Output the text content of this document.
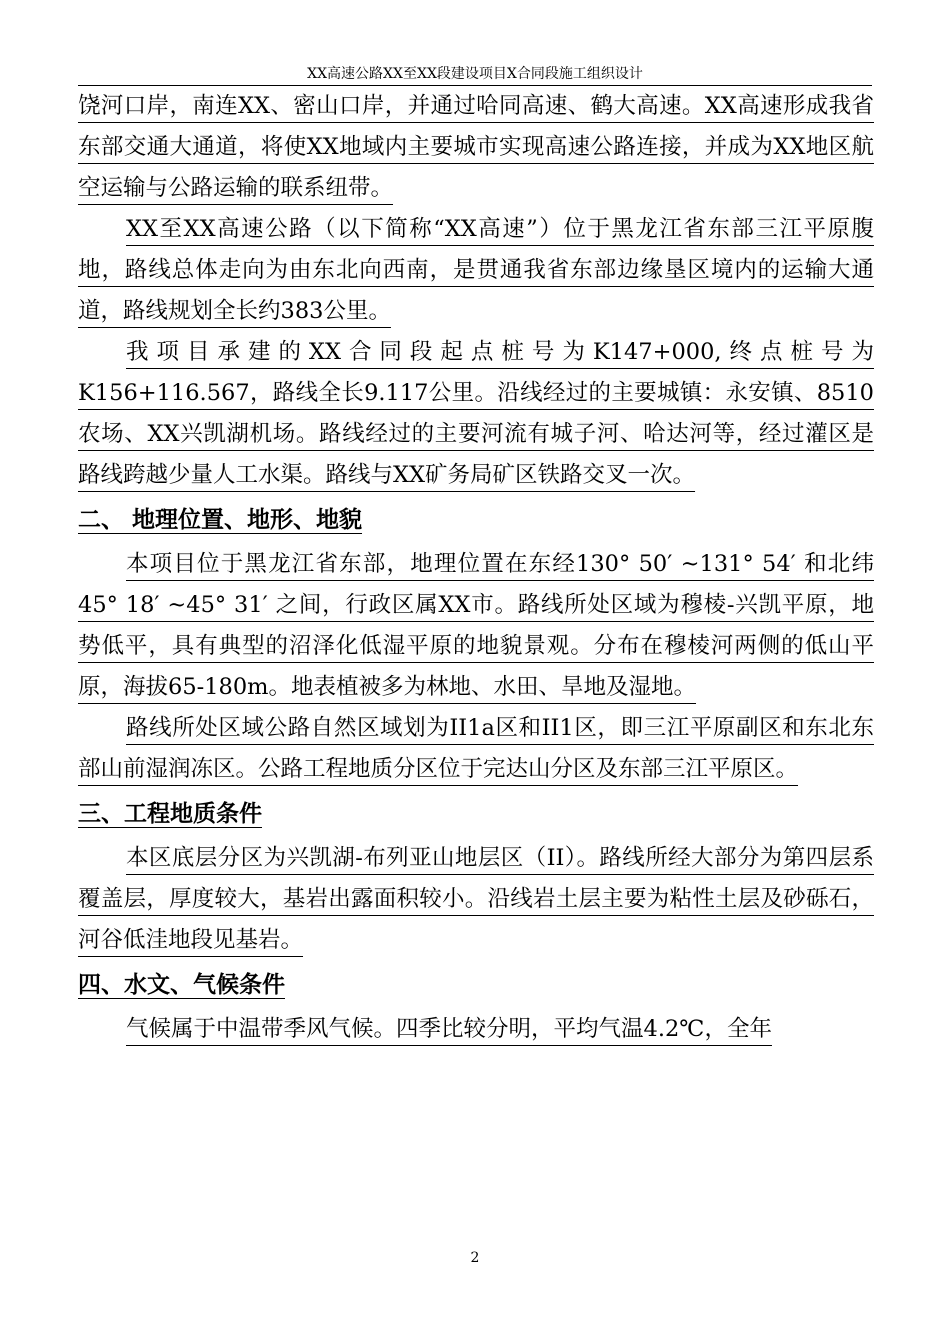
XX高速公路XX至XX段建设项目X合同段施工组织设计

饶河口岸，南连XX、密山口岸，并通过哈同高速、鹤大高速。XX高速形成我省东部交通大通道，将使XX地域内主要城市实现高速公路连接，并成为XX地区航空运输与公路运输的联系纽带。

XX至XX高速公路（以下简称“XX高速”）位于黑龙江省东部三江平原腹地，路线总体走向为由东北向西南，是贯通我省东部边缘垦区境内的运输大通道，路线规划全长约383公里。

我项目承建的XX合同段起点桩号为K147+000,终点桩号为K156+116.567，路线全长9.117公里。沿线经过的主要城镇：永安镇、8510农场、XX兴凯湖机场。路线经过的主要河流有城子河、哈达河等，经过灌区是路线跨越少量人工水渠。路线与XX矿务局矿区铁路交叉一次。

二、 地理位置、地形、地貌

本项目位于黑龙江省东部，地理位置在东经130° 50′ ~131° 54′ 和北纬45° 18′ ~45° 31′ 之间，行政区属XX市。路线所处区域为穆棱-兴凯平原，地势低平，具有典型的沼泽化低湿平原的地貌景观。分布在穆棱河两侧的低山平原，海拔65-180m。地表植被多为林地、水田、旱地及湿地。

路线所处区域公路自然区域划为II1a区和II1区，即三江平原副区和东北东部山前湿润冻区。公路工程地质分区位于完达山分区及东部三江平原区。

三、工程地质条件

本区底层分区为兴凯湖-布列亚山地层区（II）。路线所经大部分为第四层系覆盖层，厚度较大，基岩出露面积较小。沿线岩土层主要为粘性土层及砂砾石，河谷低洼地段见基岩。

四、水文、气候条件

气候属于中温带季风气候。四季比较分明，平均气温4.2℃，全年

2
